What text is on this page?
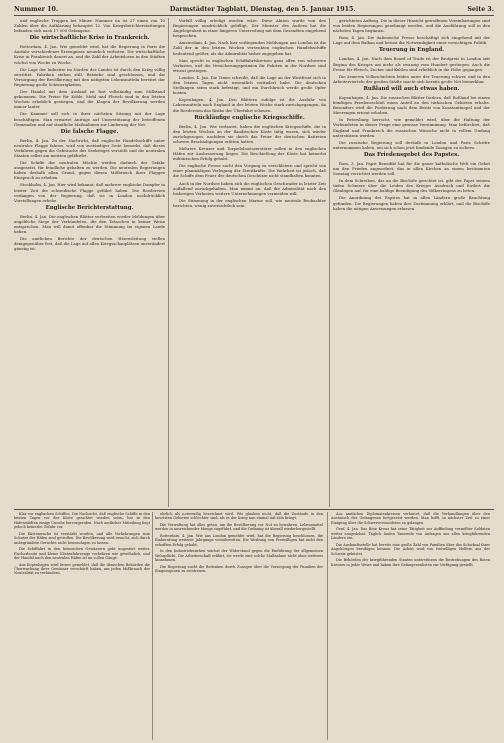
Nummer 10.	Darmstädter Tagblatt, Dienstag, den 5. Januar 1915.	Seite 3.

und englische Truppen bei Mäuer. Nummer 6a ist 27 einen von 10 Zahlen über die Aufklärung behauptet 12. Von Kriegsberichterstattungen befanden sich nach 17 000 Gefangene.

Die wirtschaftliche Krise in Frankreich.

Rotterdam, 4. Jan. Wie gemeldet wird, hat die Regierung in Paris die Ausfuhr verschiedener Erzeugnisse neuerlich verboten. Die wirtschaftliche Krise in Frankreich dauert an, und die Zahl der Arbeitslosen in den Städten wächst von Woche zu Woche.

Die Lage der Industrie im Norden des Landes ist durch den Krieg völlig zerrüttet. Fabriken stehen still, Betriebe sind geschlossen, und die Versorgung der Bevölkerung mit den nötigsten Lebensmitteln bereitet der Regierung große Schwierigkeiten.

Der Handel mit dem Ausland ist fast vollständig zum Stillstand gekommen. Die Preise für Kohle, Mehl und Fleisch sind in den letzten Wochen erheblich gestiegen, und die Klagen der Bevölkerung werden immer lauter.

Die Kammer soll sich in ihrer nächsten Sitzung mit der Lage beschäftigen. Man erwartet Anträge auf Unterstützung der betroffenen Gemeinden und auf staatliche Maßnahmen zur Linderung der Not.

Die falsche Flagge.

Berlin, 4. Jan. Zu der Nachricht, daß englische Handelsschiffe unter neutraler Flagge fahren, wird von zuständiger Seite bemerkt, daß dieses Verfahren gegen die Gebräuche des Seekrieges verstößt und die neutralen Staaten selbst am meisten gefährdet.

Die Schiffe der neutralen Mächte werden dadurch der Gefahr ausgesetzt, für feindliche gehalten zu werden. Die neutralen Regierungen haben deshalb allen Grund, gegen diesen Mißbrauch ihrer Flaggen Einspruch zu erheben.

Stockholm, 4. Jan. Hier wird bekannt, daß mehrere englische Dampfer in letzter Zeit die schwedische Flagge geführt haben. Die Reedereien verlangen von der Regierung, daß sie in London nachdrücklich Vorstellungen erhebe.

Englische Berichterstattung.

Berlin, 4. Jan. Die englischen Blätter verbreiten wieder Meldungen über angebliche Siege der Verbündeten, die den Tatsachen in keiner Weise entsprechen. Man will damit offenbar die Stimmung im eigenen Lande heben.

Die amtlichen Berichte der deutschen Heeresleitung stellen demgegenüber fest, daß die Lage auf allen Kriegsschauplätzen unverändert günstig ist.

Vorfall völlig erledigt worden wäre. Diese Aktion wurde von den Regierungen ausdrücklich gebilligt. Der Minister des Äußern hat die Angelegenheit in einer längeren Unterredung mit dem Gesandten eingehend besprochen.

Amsterdam, 4. Jan. Nach hier vorliegenden Meldungen aus London ist die Zahl der in den letzten Wochen versenkten englischen Handelsschiffe bedeutend größer, als die Admiralität bisher zugegeben hat.

Man spricht in englischen Schiffahrtskreisen ganz offen von schweren Verlusten, und die Versicherungsprämien für Fahrten in der Nordsee sind erneut gestiegen.

London, 4. Jan. Die Times schreibt, daß die Lage an der Westfront sich in den letzten Tagen nicht wesentlich verändert habe. Die deutschen Stellungen seien stark befestigt, und ein Durchbruch werde große Opfer kosten.

Kopenhagen, 4. Jan. Den Blättern zufolge ist die Ausfuhr von Lebensmitteln nach England in der letzten Woche stark zurückgegangen, da die Reedereien das Risiko der Überfahrt scheuen.

Rückläufige englische Kriegsschiffe.

Berlin, 4. Jan. Wie verlautet, haben die englischen Kriegsschiffe, die in den letzten Wochen an der flandrischen Küste tätig waren, sich wieder zurückgezogen, nachdem sie durch das Feuer der deutschen Batterien schwere Beschädigungen erlitten hatten.

Mehrere Kreuzer und Torpedobootszerstörer sollen in den englischen Häfen zur Ausbesserung liegen. Die Beschießung der Küste hat keinerlei militärischen Erfolg gehabt.

Die englische Presse sucht den Vorgang zu verschleiern und spricht von einer planmäßigen Verlegung der Streitkräfte. Die Wahrheit ist jedoch, daß die Schiffe dem Feuer der deutschen Geschütze nicht standhalten konnten.

Auch in der Nordsee haben sich die englischen Geschwader in letzter Zeit auffallend zurückgehalten. Man nimmt an, daß die Admiralität nach den bisherigen Verlusten weitere Unternehmungen vermeiden will.

Die Stimmung in der englischen Marine soll, wie neutrale Beobachter berichten, wenig zuversichtlich sein.

gerichteten Auftrag. Die in dieser Hinsicht getroffenen Vereinbarungen sind von beiden Regierungen genehmigt worden, und die Ausführung soll in den nächsten Tagen beginnen.

Rom, 4. Jan. Die italienische Presse beschäftigt sich eingehend mit der Lage auf dem Balkan und betont die Notwendigkeit einer vorsichtigen Politik.

Teuerung in England.

London, 4. Jan. Nach dem Board of Trade ist der Brotpreis in London seit Beginn des Krieges um mehr als zwanzig vom Hundert gestiegen. Auch die Preise für Fleisch, Zucker und Kohlen sind erheblich in die Höhe gegangen.

Die ärmeren Volksschichten leiden unter der Teuerung schwer, und in den Arbeitervierteln der großen Städte macht sich bereits große Not bemerkbar.

Rußland will auch etwas haben.

Kopenhagen, 4. Jan. Die russischen Blätter fordern, daß Rußland bei einem künftigen Friedensschluß einen Anteil an den türkischen Gebieten erhalte. Besonders wird die Forderung nach dem Besitz von Konstantinopel und der Meerengen erneut erhoben.

In Petersburg herrscht, wie gemeldet wird, über die Haltung der Verbündeten in dieser Frage eine gewisse Verstimmung. Man befürchtet, daß England und Frankreich die russischen Wünsche nicht in vollem Umfang unterstützen werden.

Die russische Regierung soll deshalb in London und Paris Schritte unternommen haben, um sich schon jetzt bindende Zusagen zu sichern.

Das Friedensgebet des Papstes.

Rom, 3. Jan. Papst Benedikt hat für die ganze katholische Welt ein Gebet um den Frieden angeordnet, das in allen Kirchen an einem bestimmten Sonntag verrichtet werden soll.

In dem Schreiben, das an die Bischöfe gerichtet ist, gibt der Papst seinem tiefen Schmerz über die Leiden des Krieges Ausdruck und fordert die Gläubigen auf, für eine baldige Beendigung des Völkerringens zu beten.

Die Anordnung des Papstes hat in allen Ländern große Beachtung gefunden. Die Regierungen haben ihre Zustimmung erklärt, und die Bischöfe haben die nötigen Anweisungen erlassen.

Klar vor englischen Schiffen. Die Nachricht, daß englische Schiffe in den letzten Tagen vor der Küste gesichtet worden seien, hat in den Hafenstädten einige Unruhe hervorgerufen. Nach amtlicher Mitteilung liegt jedoch keinerlei Gefahr vor.

Die Küstenwache ist verstärkt worden, und alle Vorkehrungen zum Schutze der Häfen sind getroffen. Die Bevölkerung wird ersucht, sich durch unbegründete Gerüchte nicht beunruhigen zu lassen.

Die Schiffahrt in den heimischen Gewässern geht ungestört weiter. Fischerboote und kleine Küstenfahrzeuge verkehren wie gewöhnlich, und der Handel nach den neutralen Häfen ist im vollen Gange.

Aus Kopenhagen wird ferner gemeldet, daß die dänischen Behörden die Überwachung ihrer Gewässer verschärft haben, um jeden Mißbrauch der Neutralität zu verhindern.

ehrlich als notwendig bezeichnet wird. Wir glauben nicht, daß die Zustände in den besetzten Gebieten schlechter sind, als es der Krieg nun einmal mit sich bringt.

Die Verwaltung hat alles getan, um die Bevölkerung vor Not zu bewahren. Lebensmittel werden in ausreichender Menge zugeführt, und die Ordnung ist überall wiederhergestellt.

Rotterdam, 4. Jan. Wie aus London gemeldet wird, hat die Regierung beschlossen, die Einberufung weiterer Jahrgänge vorzubereiten. Die Werbung von Freiwilligen hat nicht den erhofften Erfolg gehabt.

In den Industriebezirken wächst der Widerstand gegen die Einführung der allgemeinen Wehrpflicht. Die Arbeiterschaft erklärt, sie werde eine solche Maßnahme nicht ohne weiteres hinnehmen.

Die Regierung sucht die Bedenken durch Zusagen über die Versorgung der Familien der Eingezogenen zu zerstreuen.

Aus amtlichen Diplomatenkreisen verlautet, daß die Verhandlungen über den Austausch der Gefangenen fortgesetzt werden. Man hofft, in nächster Zeit zu einer Einigung über die Schwerverwundeten zu gelangen.

Genf, 4. Jan. Das Rote Kreuz hat seine Tätigkeit zur Auffindung vermißter Soldaten weiter ausgedehnt. Täglich laufen Tausende von Anfragen aus allen kriegführenden Ländern ein.

Die Auskunftsstelle hat bereits eine große Zahl von Familien über das Schicksal ihrer Angehörigen beruhigen können. Die Arbeit wird von freiwilligen Helfern aus der Schweiz geleistet.

Die Behörden der kriegführenden Staaten unterstützen die Bestrebungen des Roten Kreuzes in jeder Weise und haben ihre Gefangenenlisten zur Verfügung gestellt.
